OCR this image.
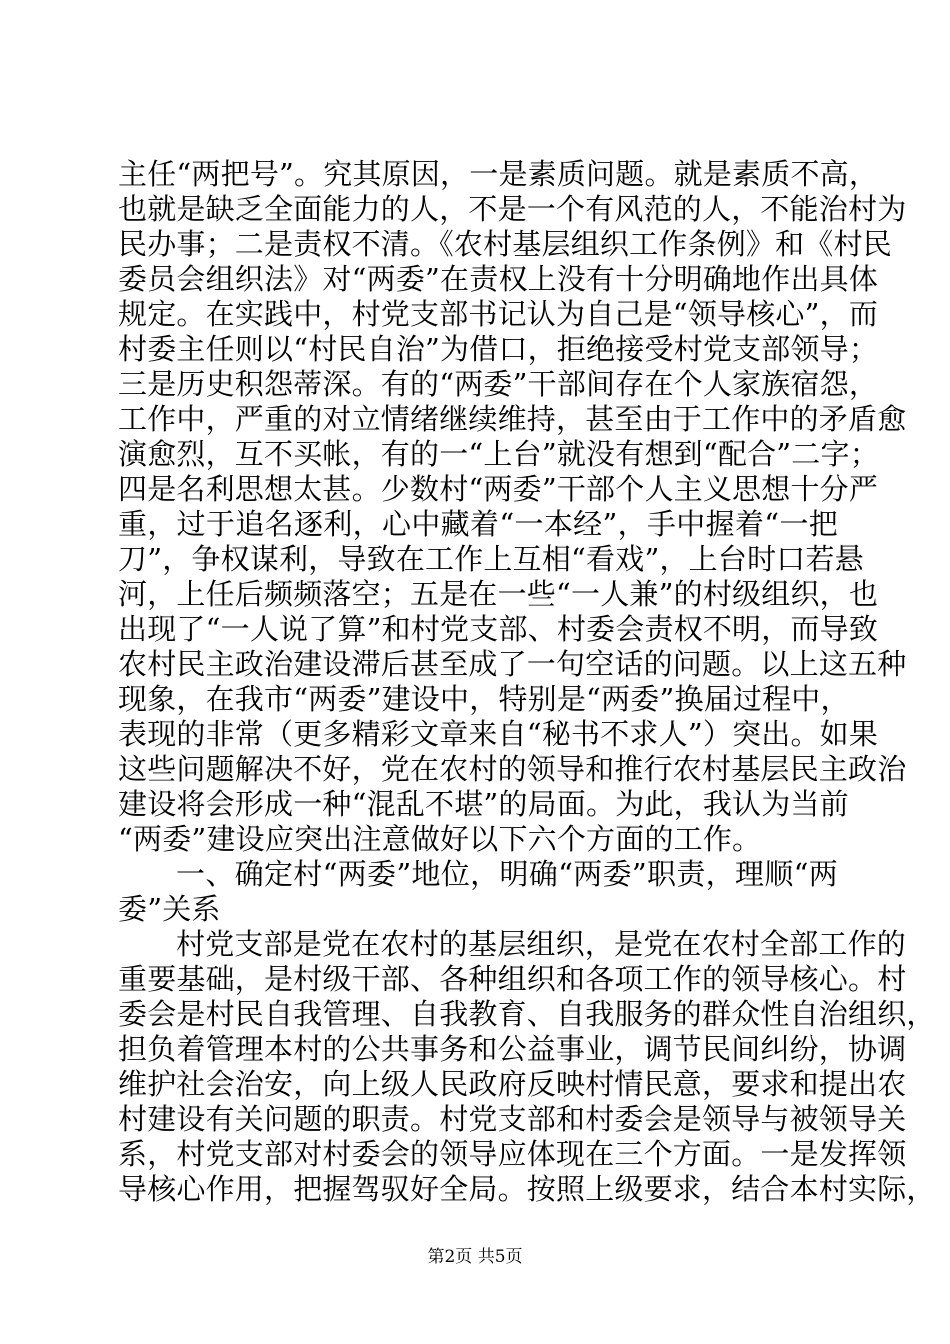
主任“两把号”。究其原因，一是素质问题。就是素质不高，
也就是缺乏全面能力的人，不是一个有风范的人，不能治村为
民办事；二是责权不清。《农村基层组织工作条例》和《村民
委员会组织法》对“两委”在责权上没有十分明确地作出具体
规定。在实践中，村党支部书记认为自己是“领导核心”，而
村委主任则以“村民自治”为借口，拒绝接受村党支部领导；
三是历史积怨蒂深。有的“两委”干部间存在个人家族宿怨，
工作中，严重的对立情绪继续维持，甚至由于工作中的矛盾愈
演愈烈，互不买帐，有的一“上台”就没有想到“配合”二字；
四是名利思想太甚。少数村“两委”干部个人主义思想十分严
重，过于追名逐利，心中藏着“一本经”，手中握着“一把
刀”，争权谋利，导致在工作上互相“看戏”，上台时口若悬
河，上任后频频落空；五是在一些“一人兼”的村级组织，也
出现了“一人说了算”和村党支部、村委会责权不明，而导致
农村民主政治建设滞后甚至成了一句空话的问题。以上这五种
现象，在我市“两委”建设中，特别是“两委”换届过程中，
表现的非常（更多精彩文章来自“秘书不求人”）突出。如果
这些问题解决不好，党在农村的领导和推行农村基层民主政治
建设将会形成一种“混乱不堪”的局面。为此，我认为当前
“两委”建设应突出注意做好以下六个方面的工作。
一、确定村“两委”地位，明确“两委”职责，理顺“两
委”关系
村党支部是党在农村的基层组织，是党在农村全部工作的
重要基础，是村级干部、各种组织和各项工作的领导核心。村
委会是村民自我管理、自我教育、自我服务的群众性自治组织，
担负着管理本村的公共事务和公益事业，调节民间纠纷，协调
维护社会治安，向上级人民政府反映村情民意，要求和提出农
村建设有关问题的职责。村党支部和村委会是领导与被领导关
系，村党支部对村委会的领导应体现在三个方面。一是发挥领
导核心作用，把握驾驭好全局。按照上级要求，结合本村实际，
第2页 共5页
